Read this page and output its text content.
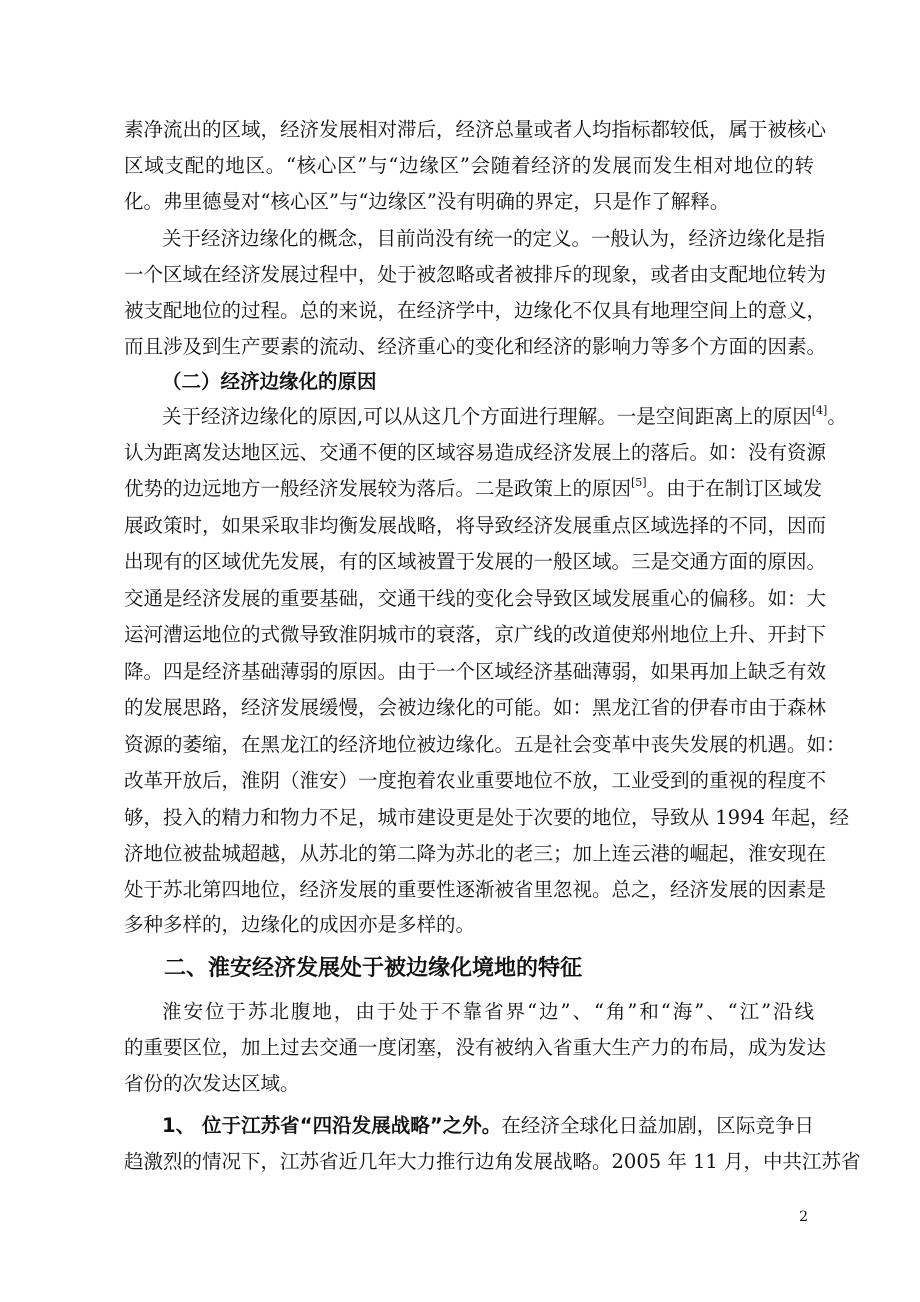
素净流出的区域，经济发展相对滞后，经济总量或者人均指标都较低，属于被核心
区域支配的地区。“核心区”与“边缘区”会随着经济的发展而发生相对地位的转
化。弗里德曼对“核心区”与“边缘区”没有明确的界定，只是作了解释。
关于经济边缘化的概念，目前尚没有统一的定义。一般认为，经济边缘化是指
一个区域在经济发展过程中，处于被忽略或者被排斥的现象，或者由支配地位转为
被支配地位的过程。总的来说，在经济学中，边缘化不仅具有地理空间上的意义，
而且涉及到生产要素的流动、经济重心的变化和经济的影响力等多个方面的因素。
（二）经济边缘化的原因
关于经济边缘化的原因,可以从这几个方面进行理解。一是空间距离上的原因[4]。
认为距离发达地区远、交通不便的区域容易造成经济发展上的落后。如：没有资源
优势的边远地方一般经济发展较为落后。二是政策上的原因[5]。由于在制订区域发
展政策时，如果采取非均衡发展战略，将导致经济发展重点区域选择的不同，因而
出现有的区域优先发展，有的区域被置于发展的一般区域。三是交通方面的原因。
交通是经济发展的重要基础，交通干线的变化会导致区域发展重心的偏移。如：大
运河漕运地位的式微导致淮阴城市的衰落，京广线的改道使郑州地位上升、开封下
降。四是经济基础薄弱的原因。由于一个区域经济基础薄弱，如果再加上缺乏有效
的发展思路，经济发展缓慢，会被边缘化的可能。如：黑龙江省的伊春市由于森林
资源的萎缩，在黑龙江的经济地位被边缘化。五是社会变革中丧失发展的机遇。如：
改革开放后，淮阴（淮安）一度抱着农业重要地位不放，工业受到的重视的程度不
够，投入的精力和物力不足，城市建设更是处于次要的地位，导致从 1994 年起，经
济地位被盐城超越，从苏北的第二降为苏北的老三；加上连云港的崛起，淮安现在
处于苏北第四地位，经济发展的重要性逐渐被省里忽视。总之，经济发展的因素是
多种多样的，边缘化的成因亦是多样的。
二、淮安经济发展处于被边缘化境地的特征
淮安位于苏北腹地，由于处于不靠省界“边”、“角”和“海”、“江”沿线
的重要区位，加上过去交通一度闭塞，没有被纳入省重大生产力的布局，成为发达
省份的次发达区域。
1、 位于江苏省“四沿发展战略”之外。在经济全球化日益加剧，区际竞争日
趋激烈的情况下，江苏省近几年大力推行边角发展战略。2005 年 11 月，中共江苏省
2
